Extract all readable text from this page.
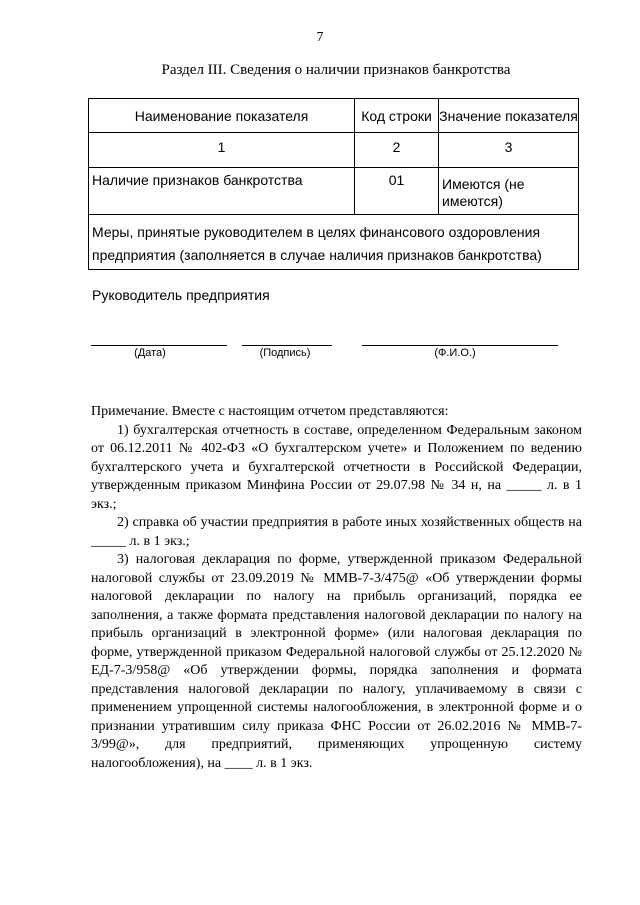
7
Раздел III. Сведения о наличии признаков банкротства
Наименование показателя	Код строки	Значение показателя
1	2	3
Наличие признаков банкротства	01	Имеются (не имеются)
Меры, принятые руководителем в целях финансового оздоровления предприятия (заполняется в случае наличия признаков банкротства)		
Руководитель предприятия
(Дата)	(Подпись)	(Ф.И.О.)

Примечание. Вместе с настоящим отчетом представляются:

1) бухгалтерская отчетность в составе, определенном Федеральным законом от 06.12.2011 № 402-ФЗ «О бухгалтерском учете» и Положением по ведению бухгалтерского учета и бухгалтерской отчетности в Российской Федерации, утвержденным приказом Минфина России от 29.07.98 № 34 н, на _____ л. в 1 экз.;

2) справка об участии предприятия в работе иных хозяйственных обществ на _____ л. в 1 экз.;

3) налоговая декларация по форме, утвержденной приказом Федеральной налоговой службы от 23.09.2019 № ММВ-7-3/475@ «Об утверждении формы налоговой декларации по налогу на прибыль организаций, порядка ее заполнения, а также формата представления налоговой декларации по налогу на прибыль организаций в электронной форме» (или налоговая декларация по форме, утвержденной приказом Федеральной налоговой службы от 25.12.2020 № ЕД-7-3/958@ «Об утверждении формы, порядка заполнения и формата представления налоговой декларации по налогу, уплачиваемому в связи с применением упрощенной системы налогообложения, в электронной форме и о признании утратившим силу приказа ФНС России от 26.02.2016 № ММВ-7-3/99@», для предприятий, применяющих упрощенную систему налогообложения), на ____ л. в 1 экз.
